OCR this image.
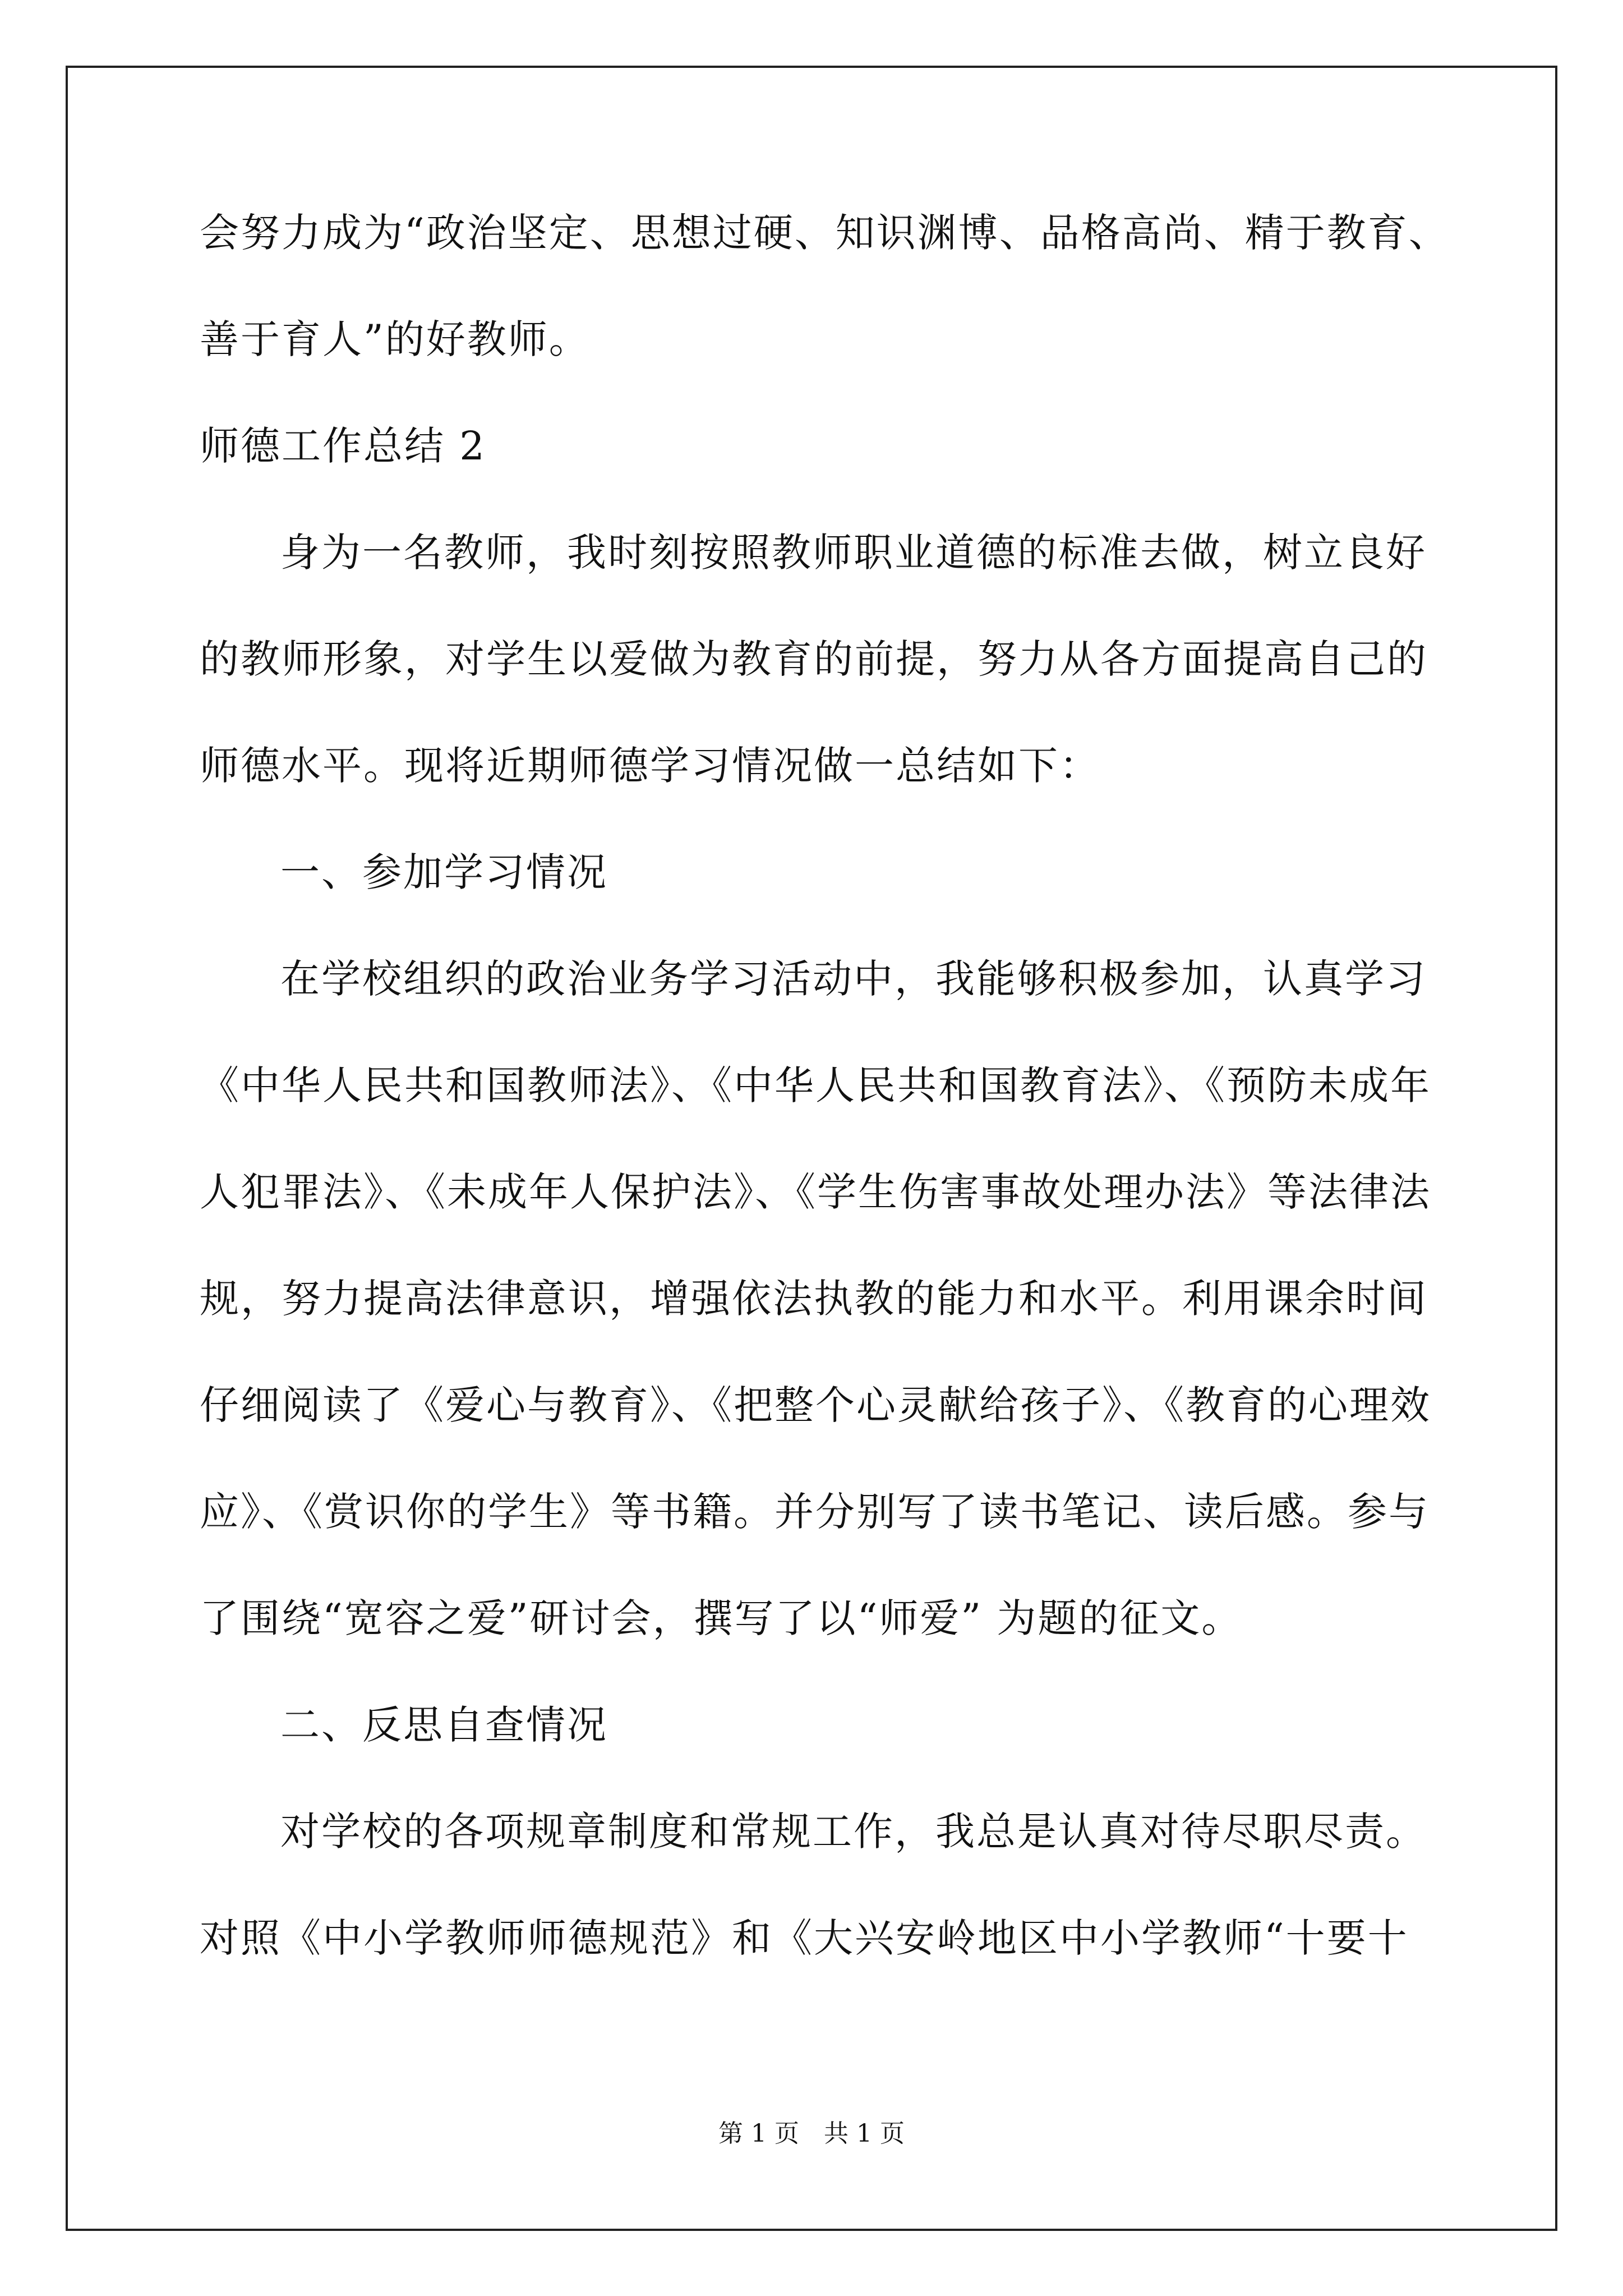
会努力成为“政治坚定、思想过硬、知识渊博、品格高尚、精于教育、
善于育人”的好教师。
师德工作总结 2
身为一名教师，我时刻按照教师职业道德的标准去做，树立良好
的教师形象，对学生以爱做为教育的前提，努力从各方面提高自己的
师德水平。现将近期师德学习情况做一总结如下：
一、参加学习情况
在学校组织的政治业务学习活动中，我能够积极参加，认真学习
《中华人民共和国教师法》、《中华人民共和国教育法》、《预防未成年
人犯罪法》、《未成年人保护法》、《学生伤害事故处理办法》等法律法
规，努力提高法律意识，增强依法执教的能力和水平。利用课余时间
仔细阅读了《爱心与教育》、《把整个心灵献给孩子》、《教育的心理效
应》、《赏识你的学生》等书籍。并分别写了读书笔记、读后感。参与
了围绕“宽容之爱”研讨会，撰写了以“师爱” 为题的征文。
二、反思自查情况
对学校的各项规章制度和常规工作，我总是认真对待尽职尽责。
对照《中小学教师师德规范》和《大兴安岭地区中小学教师“十要十
第 1 页　共 1 页
